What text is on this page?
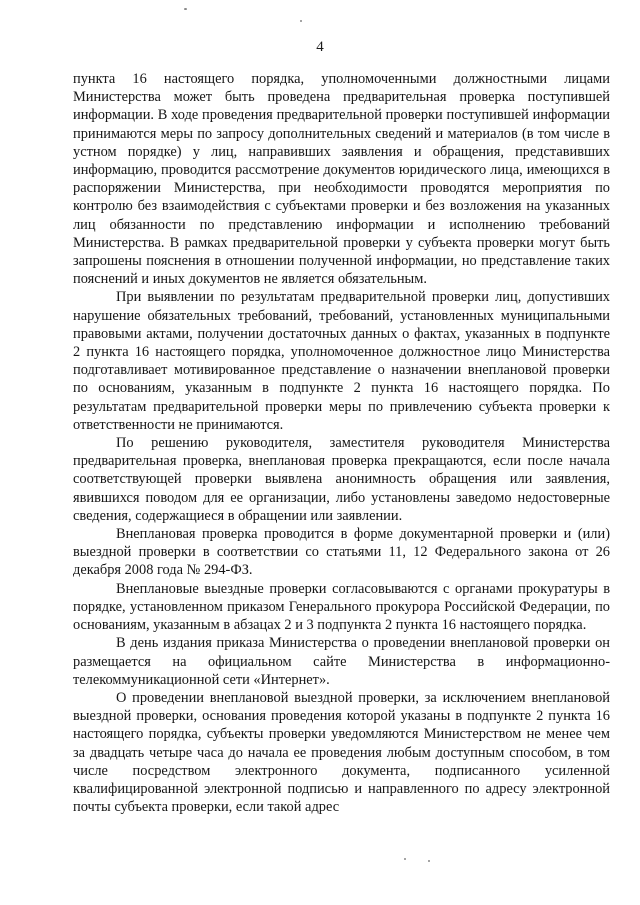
4

пункта 16 настоящего порядка, уполномоченными должностными лицами Министерства может быть проведена предварительная проверка поступившей информации. В ходе проведения предварительной проверки поступившей информации принимаются меры по запросу дополнительных сведений и материалов (в том числе в устном порядке) у лиц, направивших заявления и обращения, представивших информацию, проводится рассмотрение документов юридического лица, имеющихся в распоряжении Министерства, при необходимости проводятся мероприятия по контролю без взаимодействия с субъектами проверки и без возложения на указанных лиц обязанности по представлению информации и исполнению требований Министерства. В рамках предварительной проверки у субъекта проверки могут быть запрошены пояснения в отношении полученной информации, но представление таких пояснений и иных документов не является обязательным.

При выявлении по результатам предварительной проверки лиц, допустивших нарушение обязательных требований, требований, установленных муниципальными правовыми актами, получении достаточных данных о фактах, указанных в подпункте 2 пункта 16 настоящего порядка, уполномоченное должностное лицо Министерства подготавливает мотивированное представление о назначении внеплановой проверки по основаниям, указанным в подпункте 2 пункта 16 настоящего порядка. По результатам предварительной проверки меры по привлечению субъекта проверки к ответственности не принимаются.

По решению руководителя, заместителя руководителя Министерства предварительная проверка, внеплановая проверка прекращаются, если после начала соответствующей проверки выявлена анонимность обращения или заявления, явившихся поводом для ее организации, либо установлены заведомо недостоверные сведения, содержащиеся в обращении или заявлении.

Внеплановая проверка проводится в форме документарной проверки и (или) выездной проверки в соответствии со статьями 11, 12 Федерального закона от 26 декабря 2008 года № 294-ФЗ.

Внеплановые выездные проверки согласовываются с органами прокуратуры в порядке, установленном приказом Генерального прокурора Российской Федерации, по основаниям, указанным в абзацах 2 и 3 подпункта 2 пункта 16 настоящего порядка.

В день издания приказа Министерства о проведении внеплановой проверки он размещается на официальном сайте Министерства в информационно-телекоммуникационной сети «Интернет».

О проведении внеплановой выездной проверки, за исключением внеплановой выездной проверки, основания проведения которой указаны в подпункте 2 пункта 16 настоящего порядка, субъекты проверки уведомляются Министерством не менее чем за двадцать четыре часа до начала ее проведения любым доступным способом, в том числе посредством электронного документа, подписанного усиленной квалифицированной электронной подписью и направленного по адресу электронной почты субъекта проверки, если такой адрес
